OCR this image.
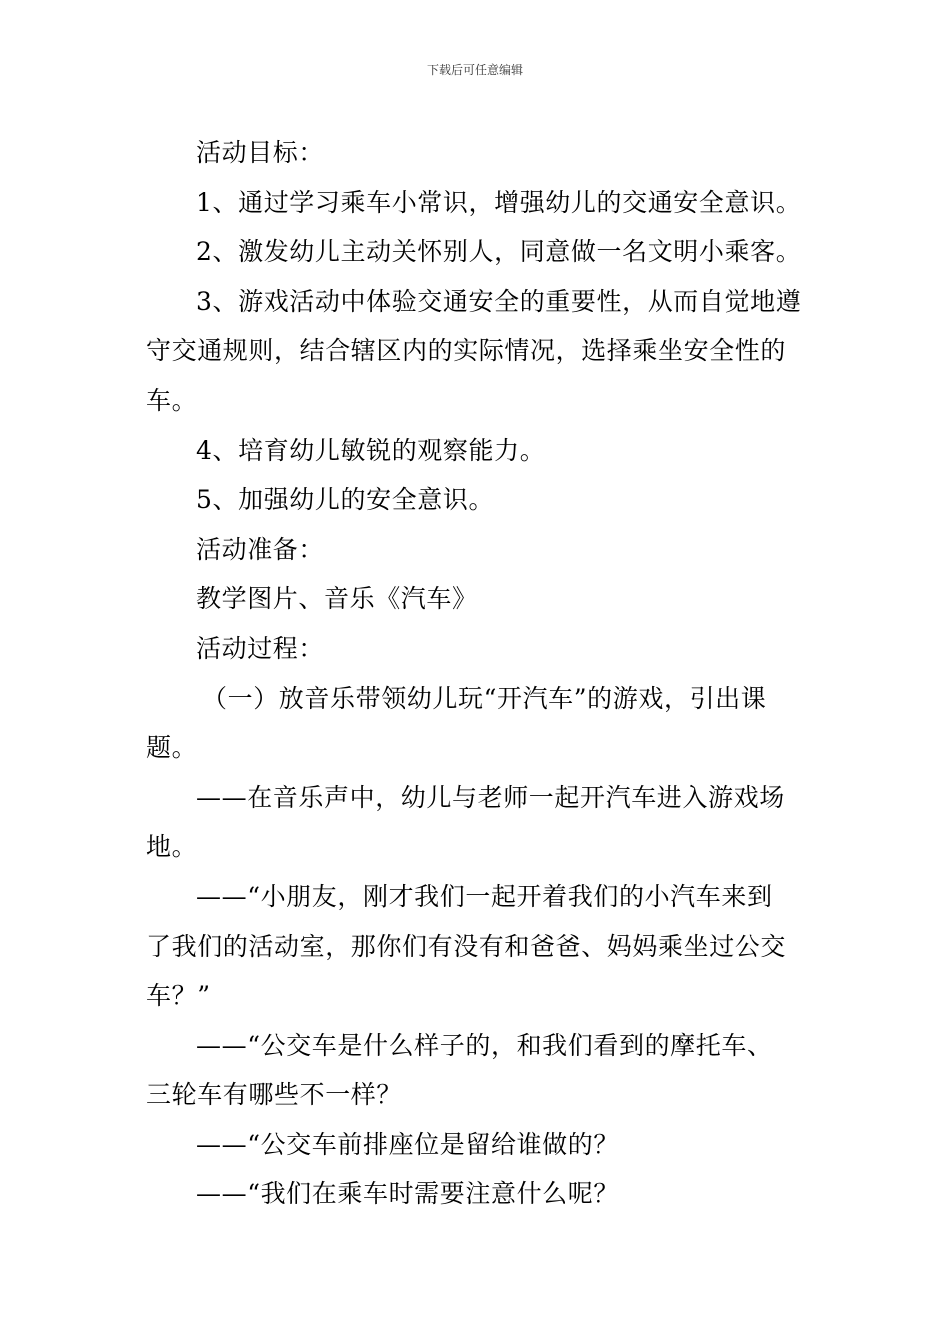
下载后可任意编辑

活动目标：

1、通过学习乘车小常识，增强幼儿的交通安全意识。

2、激发幼儿主动关怀别人，同意做一名文明小乘客。

3、游戏活动中体验交通安全的重要性，从而自觉地遵
守交通规则，结合辖区内的实际情况，选择乘坐安全性的
车。

4、培育幼儿敏锐的观察能力。

5、加强幼儿的安全意识。

活动准备：

教学图片、音乐《汽车》

活动过程：

（一）放音乐带领幼儿玩“开汽车”的游戏，引出课
题。

——在音乐声中，幼儿与老师一起开汽车进入游戏场
地。

——“小朋友，刚才我们一起开着我们的小汽车来到
了我们的活动室，那你们有没有和爸爸、妈妈乘坐过公交
车？”

——“公交车是什么样子的，和我们看到的摩托车、
三轮车有哪些不一样？

——“公交车前排座位是留给谁做的？

——“我们在乘车时需要注意什么呢？
